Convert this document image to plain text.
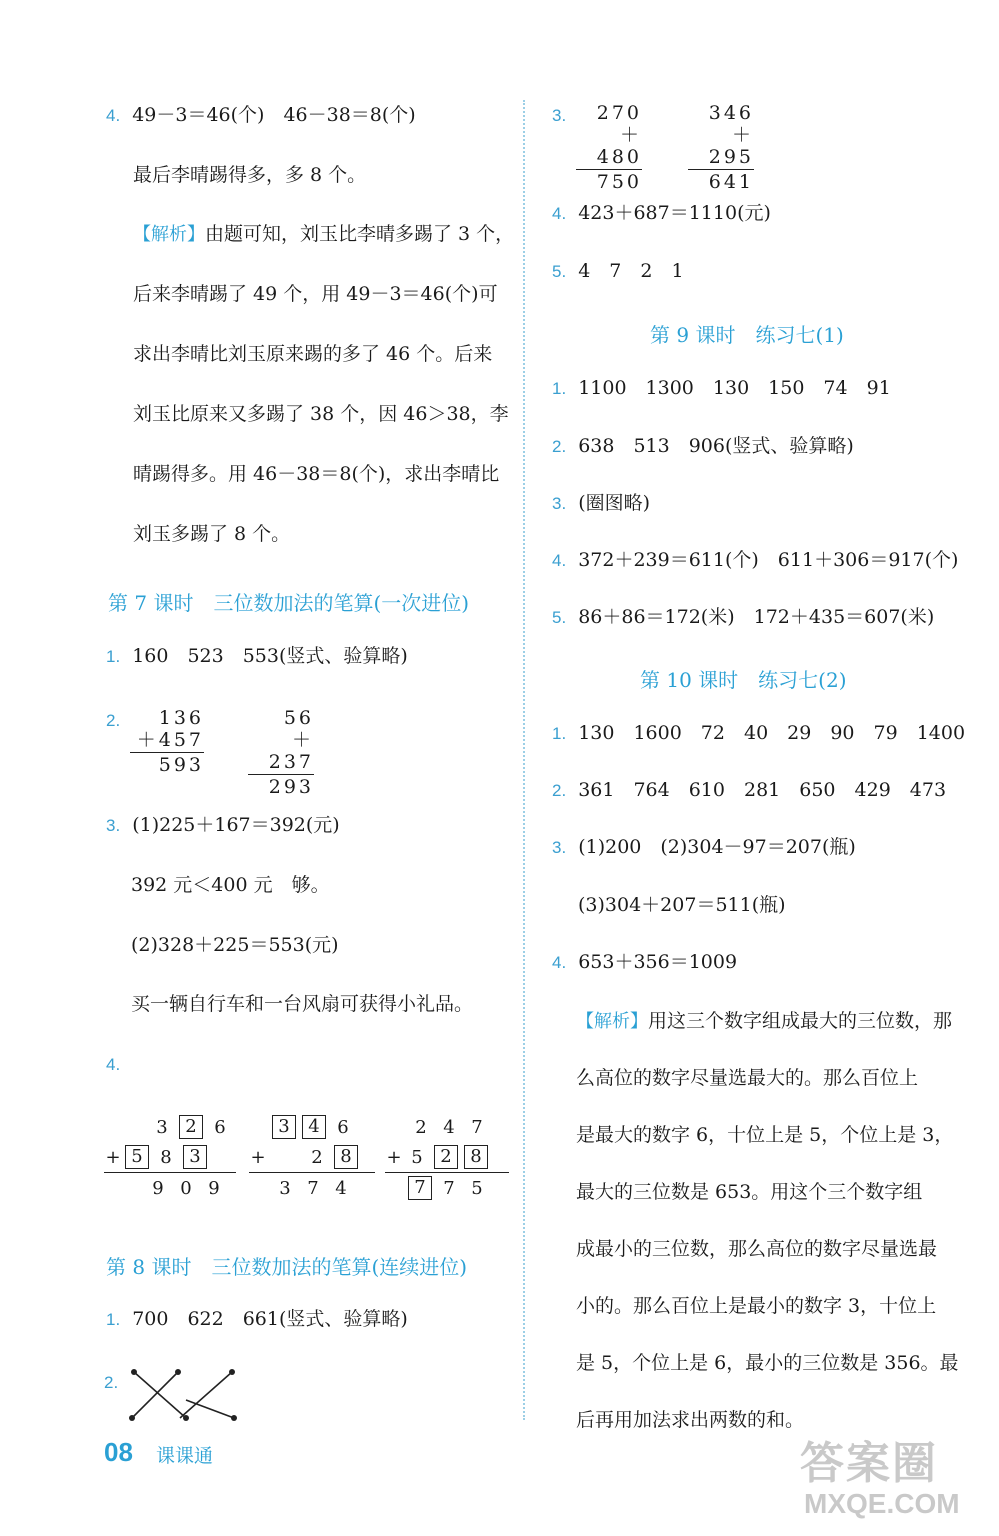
4. 49－3＝46(个)　46－38＝8(个)
最后李晴踢得多，多 8 个。
【解析】由题可知，刘玉比李晴多踢了 3 个，
后来李晴踢了 49 个，用 49－3＝46(个)可
求出李晴比刘玉原来踢的多了 46 个。后来
刘玉比原来又多踢了 38 个，因 46＞38，李
晴踢得多。用 46－38＝8(个)，求出李晴比
刘玉多踢了 8 个。
第 7 课时　三位数加法的笔算(一次进位)
1. 160　523　553(竖式、验算略)
2.	136
＋457
593
56
＋237
293
3. (1)225＋167＝392(元)
392 元＜400 元　够。
(2)328＋225＝553(元)
买一辆自行车和一台风扇可获得小礼品。
4.
3 2 6
+ 5 8 3
9 0 9
3	4 6
+	2 8
3 7 4
2 4 7
+ 5 2	8
7 7 5
第 8 课时　三位数加法的笔算(连续进位)
1. 700　622　661(竖式、验算略)
2.
3.	270
＋480
750
346
＋295
641
4. 423＋687＝1110(元)
5. 4　7　2　1
第 9 课时　练习七(1)
1. 1100　1300　130　150　74　91
2. 638　513　906(竖式、验算略)
3. (圈图略)
4. 372＋239＝611(个)　611＋306＝917(个)
5. 86＋86＝172(米)　172＋435＝607(米)
第 10 课时　练习七(2)
1. 130　1600　72　40　29　90　79　1400
2. 361　764　610　281　650　429　473
3. (1)200　(2)304－97＝207(瓶)
(3)304＋207＝511(瓶)
4. 653＋356＝1009
【解析】用这三个数字组成最大的三位数，那
么高位的数字尽量选最大的。那么百位上
是最大的数字 6，十位上是 5，个位上是 3，
最大的三位数是 653。用这个三个数字组
成最小的三位数，那么高位的数字尽量选最
小的。那么百位上是最小的数字 3，十位上
是 5，个位上是 6，最小的三位数是 356。最
后再用加法求出两数的和。
08 课课通	答案圈
MXQE.COM
